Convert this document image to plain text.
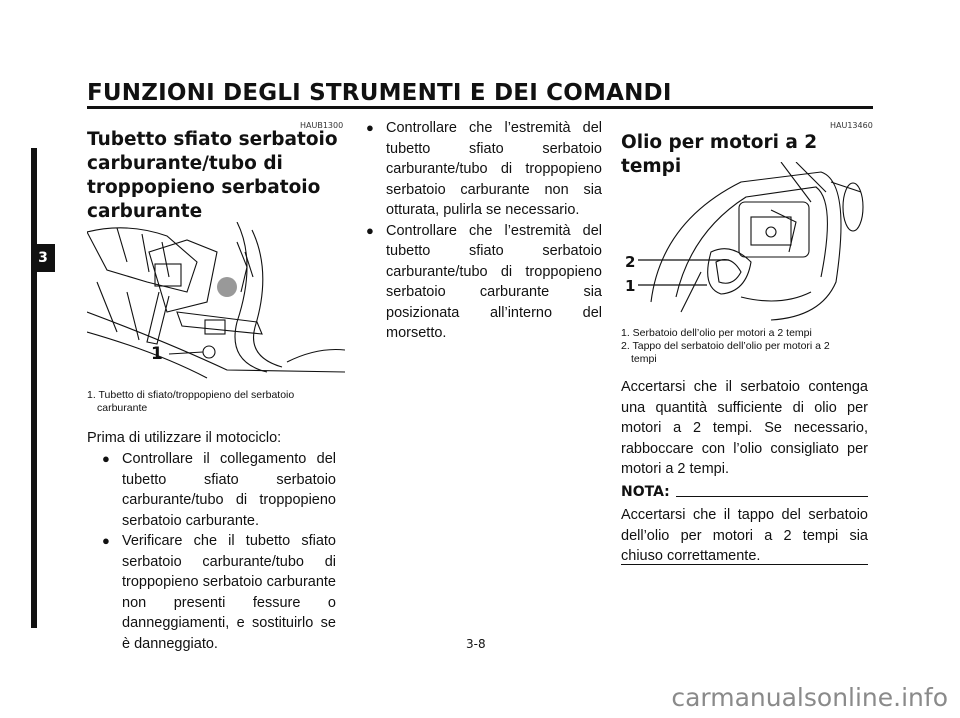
FUNZIONI DEGLI STRUMENTI E DEI COMANDI
3
HAUB1300
Tubetto sfiato serbatoio
carburante/tubo di
troppopieno serbatoio
carburante
1
1. Tubetto di sfiato/troppopieno del serbatoio
carburante
Prima di utilizzare il motociclo:
● Controllare il collegamento del tubetto sfiato serbatoio carburante/tubo di troppopieno serbatoio carburante.
● Verificare che il tubetto sfiato serbatoio carburante/tubo di troppopieno serbatoio carburante non presenti fessure o danneggiamenti, e sostituirlo se è danneggiato.
● Controllare che l’estremità del tubetto sfiato serbatoio carburante/tubo di troppopieno serbatoio carburante non sia otturata, pulirla se necessario.
● Controllare che l’estremità del tubetto sfiato serbatoio carburante/tubo di troppopieno serbatoio carburante sia posizionata all’interno del morsetto.
HAU13460
Olio per motori a 2 tempi
2
1
1. Serbatoio dell’olio per motori a 2 tempi
2. Tappo del serbatoio dell’olio per motori a 2
tempi
Accertarsi che il serbatoio contenga una quantità sufficiente di olio per motori a 2 tempi. Se necessario, rabboccare con l’olio consigliato per motori a 2 tempi.
NOTA:
Accertarsi che il tappo del serbatoio dell’olio per motori a 2 tempi sia chiuso correttamente.
3-8
carmanualsonline.info
